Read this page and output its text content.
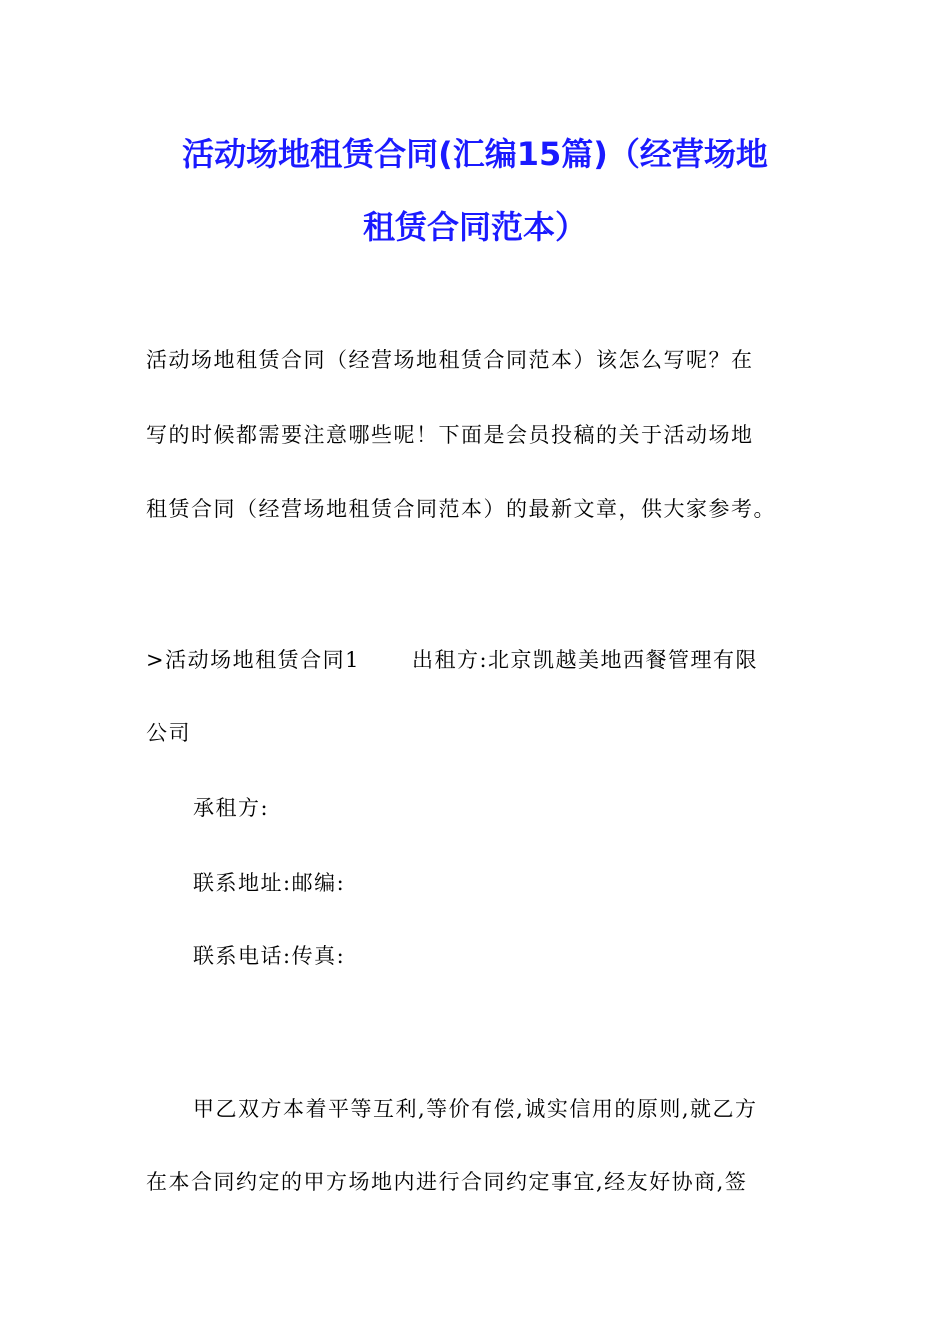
活动场地租赁合同(汇编15篇)（经营场地
租赁合同范本）
活动场地租赁合同（经营场地租赁合同范本）该怎么写呢？在
写的时候都需要注意哪些呢！下面是会员投稿的关于活动场地
租赁合同（经营场地租赁合同范本）的最新文章，供大家参考。
>活动场地租赁合同1 出租方:北京凯越美地西餐管理有限
公司
承租方:
联系地址:邮编:
联系电话:传真:
甲乙双方本着平等互利,等价有偿,诚实信用的原则,就乙方
在本合同约定的甲方场地内进行合同约定事宜,经友好协商,签
